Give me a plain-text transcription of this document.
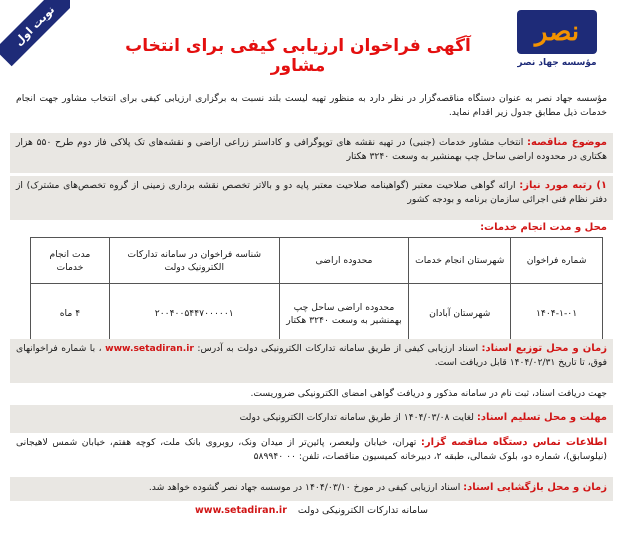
نوبت اول	آگهی فراخوان ارزیابی کیفی برای انتخاب مشاور
نصر
مؤسسه جهاد نصر
مؤسسه جهاد نصر به عنوان دستگاه مناقصه‌گزار در نظر دارد به منظور تهیه لیست بلند نسبت به برگزاری ارزیابی کیفی برای انتخاب مشاور جهت انجام خدمات ذیل مطابق جدول زیر اقدام نماید.
موضوع مناقصه: انتخاب مشاور خدمات (جنبی) در تهیه نقشه های توپوگرافی و کاداستر زراعی اراضی و نقشه‌های تک پلاکی فاز دوم طرح ۵۵۰ هزار هکتاری در محدوده اراضی ساحل چپ بهمنشیر به وسعت ۳۲۴۰ هکتار
۱) رتبه مورد نیاز: ارائه گواهی صلاحیت معتبر (گواهینامه صلاحیت معتبر پایه دو و بالاتر تخصص نقشه برداری زمینی از گروه تخصص‌های مشترک) از دفتر نظام فنی اجرائی سازمان برنامه و بودجه کشور
محل و مدت انجام خدمات:
شماره فراخوان	شهرستان انجام خدمات	محدوده اراضی	شناسه فراخوان در سامانه تدارکات الکترونیک دولت	مدت انجام خدمات
۱۴۰۴-۱-۰۱	شهرستان آبادان	محدوده اراضی ساحل چپ بهمنشیر به وسعت ۳۲۴۰ هکتار	۲۰۰۴۰۰۵۴۴۷۰۰۰۰۰۱	۴ ماه
زمان و محل توزیع اسناد: اسناد ارزیابی کیفی از طریق سامانه تدارکات الکترونیکی دولت به آدرس: www.setadiran.ir ، با شماره فراخوانهای فوق، تا تاریخ ۱۴۰۴/۰۲/۳۱ قابل دریافت است.
جهت دریافت اسناد، ثبت نام در سامانه مذکور و دریافت گواهی امضای الکترونیکی ضروریست.
مهلت و محل تسلیم اسناد: لغایت ۱۴۰۴/۰۳/۰۸ از طریق سامانه تدارکات الکترونیکی دولت
اطلاعات تماس دستگاه مناقصه گزار: تهران، خیابان ولیعصر، پائین‌تر از میدان ونک، روبروی بانک ملت، کوچه هفتم، خیابان شمس لاهیجانی (نیلوسابق)، شماره دو، بلوک شمالی، طبقه ۲، دبیرخانه کمیسیون مناقصات، تلفن: ۰۰ ۵۸۹۹۴۰
زمان و محل بازگشایی اسناد: اسناد ارزیابی کیفی در مورخ ۱۴۰۴/۰۳/۱۰ در موسسه جهاد نصر گشوده خواهد شد.
سامانه تدارکات الکترونیکی دولت www.setadiran.ir
